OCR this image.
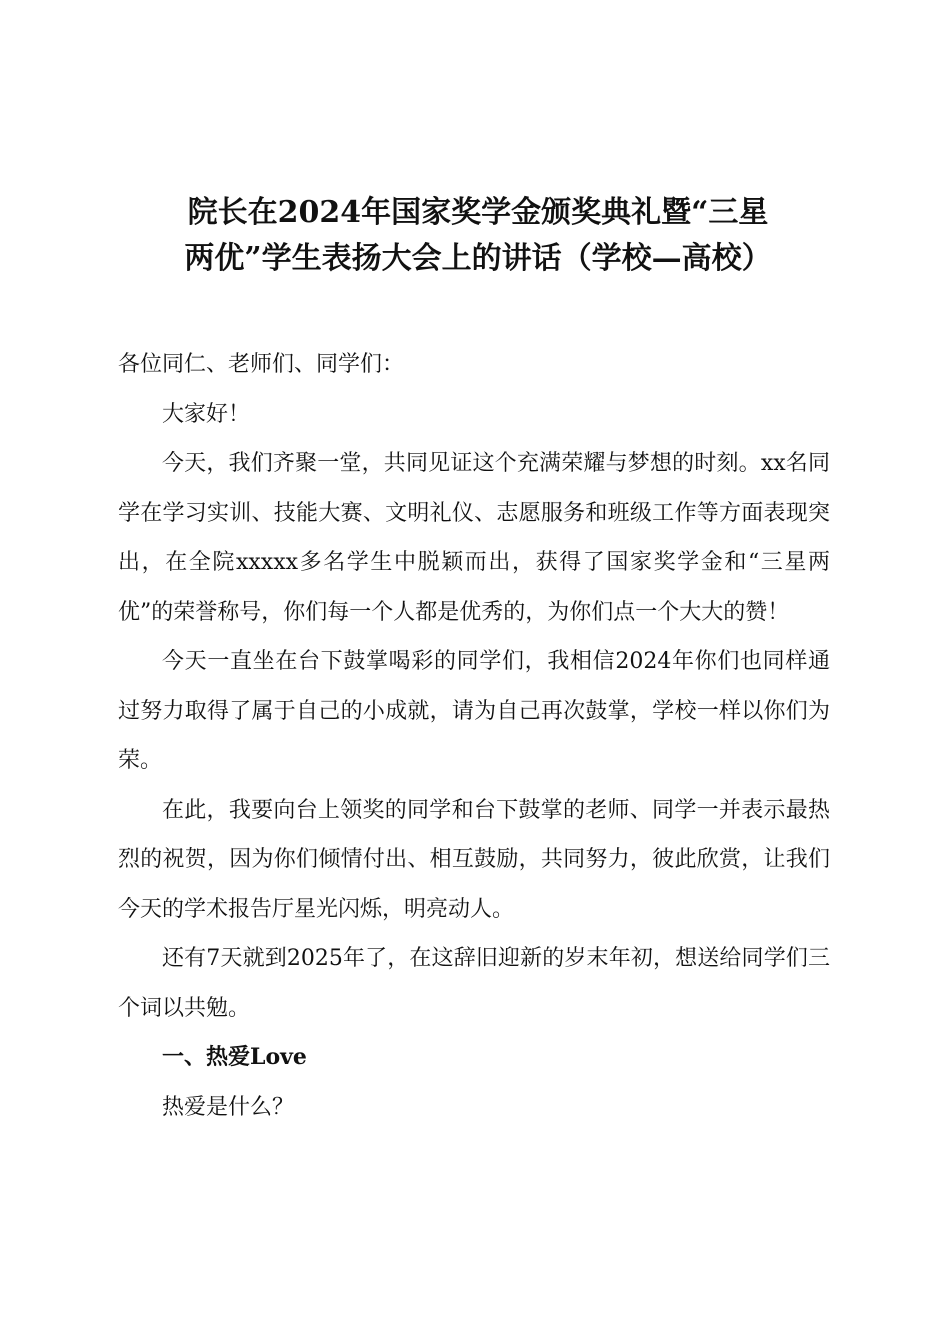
院长在2024年国家奖学金颁奖典礼暨“三星
两优”学生表扬大会上的讲话（学校—高校）

各位同仁、老师们、同学们：

大家好！

今天，我们齐聚一堂，共同见证这个充满荣耀与梦想的时刻。xx名同学在学习实训、技能大赛、文明礼仪、志愿服务和班级工作等方面表现突出，在全院xxxxx多名学生中脱颖而出，获得了国家奖学金和“三星两优”的荣誉称号，你们每一个人都是优秀的，为你们点一个大大的赞！

今天一直坐在台下鼓掌喝彩的同学们，我相信2024年你们也同样通过努力取得了属于自己的小成就，请为自己再次鼓掌，学校一样以你们为荣。

在此，我要向台上领奖的同学和台下鼓掌的老师、同学一并表示最热烈的祝贺，因为你们倾情付出、相互鼓励，共同努力，彼此欣赏，让我们今天的学术报告厅星光闪烁，明亮动人。

还有7天就到2025年了，在这辞旧迎新的岁末年初，想送给同学们三个词以共勉。

一、热爱Love

热爱是什么？
